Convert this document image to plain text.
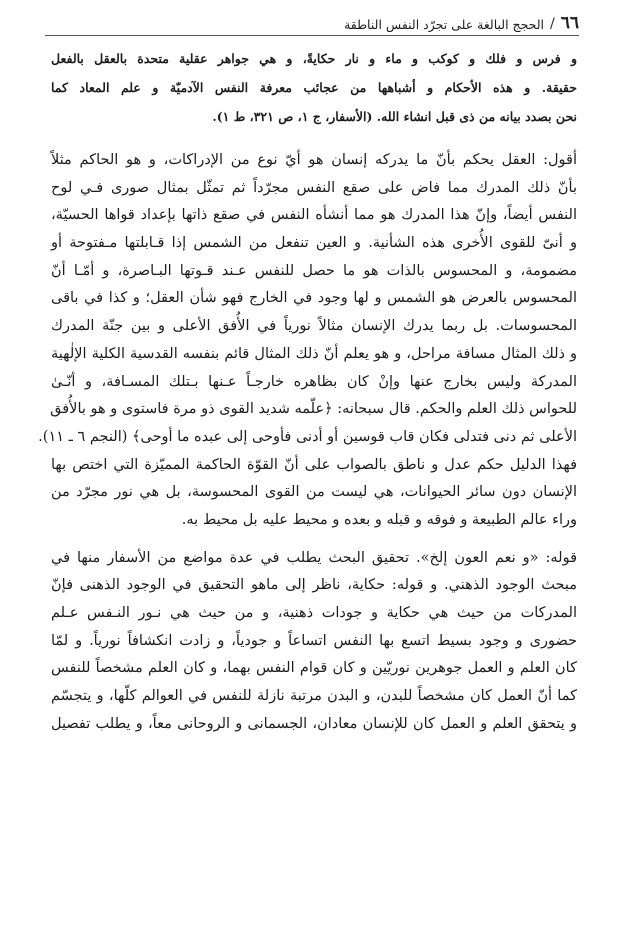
٦٦
/
الحجج البالغة على تجرّد النفس الناطقة
و فرس و فلك و كوكب و ماء و نار حكايةً، و هي جواهر عقلية متحدة بالعقل بالفعل
حقيقة. و هذه الأحكام و أشباهها من عجائب معرفة النفس الآدميّة و علم المعاد كما
نحن بصدد بيانه من ذى قبل انشاء الله. (الأسفار، ج ١، ص ٣٢١، ط ١).
أقول: العقل يحكم بأنّ ما يدركه إنسان هو أيّ نوع من الإدراكات، و هو الحاكم مثلاً
بأنّ ذلك المدرك مما فاض على صقع النفس مجرّداً ثم تمثّل بمثال صورى فـي لوح
النفس أيضاً، وإنّ هذا المدرك هو مما أنشأه النفس في صقع ذاتها بإعداد قواها الحسيّة،
و أنىّ للقوى الأُخرى هذه الشأنية. و العين تنفعل من الشمس إذا قـابلتها مـفتوحة أو
مضمومة، و المحسوس بالذات هو ما حصل للنفس عـند قـوتها البـاصرة، و أمّـا أنّ
المحسوس بالعرض هو الشمس و لها وجود في الخارج فهو شأن العقل؛ و كذا في باقى
المحسوسات. بل ربما يدرك الإنسان مثالاً نورياً في الأُفق الأعلى و بين جنّة المدرك
و ذلك المثال مسافة مراحل، و هو يعلم أنّ ذلك المثال قائم بنفسه القدسية الكلية الإلٰهية
المدركة وليس بخارج عنها وإنْ كان بظاهره خارجـاً عـنها بـتلك المسـافة، و أنّـىٰ
للحواس ذلك العلم والحكم. قال سبحانه: ﴿علّمه شديد القوى ذو مرة فاستوى و هو بالأُفق
الأعلى ثم دنى فتدلى فكان قاب قوسين أو أدنى فأوحى إلى عبده ما أوحى﴾ (النجم ٦ ـ ١١).
فهذا الدليل حكم عدل و ناطق بالصواب على أنّ القوّة الحاكمة المميّزة التي اختص بها
الإنسان دون سائر الحيوانات، هي ليست من القوى المحسوسة، بل هي نور مجرّد من
وراء عالم الطبيعة و فوقه و قبله و بعده و محيط عليه بل محيط به.
قوله: «و نعم العون إلخ». تحقيق البحث يطلب في عدة مواضع من الأسفار منها في
مبحث الوجود الذهني. و قوله: حكاية، ناظر إلى ماهو التحقيق في الوجود الذهنى فإنّ
المدركات من حيث هي حكاية و جودات ذهنية، و من حيث هي نـور النـفس عـلم
حضورى و وجود بسيط اتسع بها النفس اتساعاً و جودياً، و زادت انكشافاً نورياً. و لمّا
كان العلم و العمل جوهرين نوريّين و كان قوام النفس بهما، و كان العلم مشخصاً للنفس
كما أنّ العمل كان مشخصاً للبدن، و البدن مرتبة نازلة للنفس في العوالم كلّها، و يتجسّم
و يتحقق العلم و العمل كان للإنسان معادان، الجسمانى و الروحانى معاً، و يطلب تفصيل
